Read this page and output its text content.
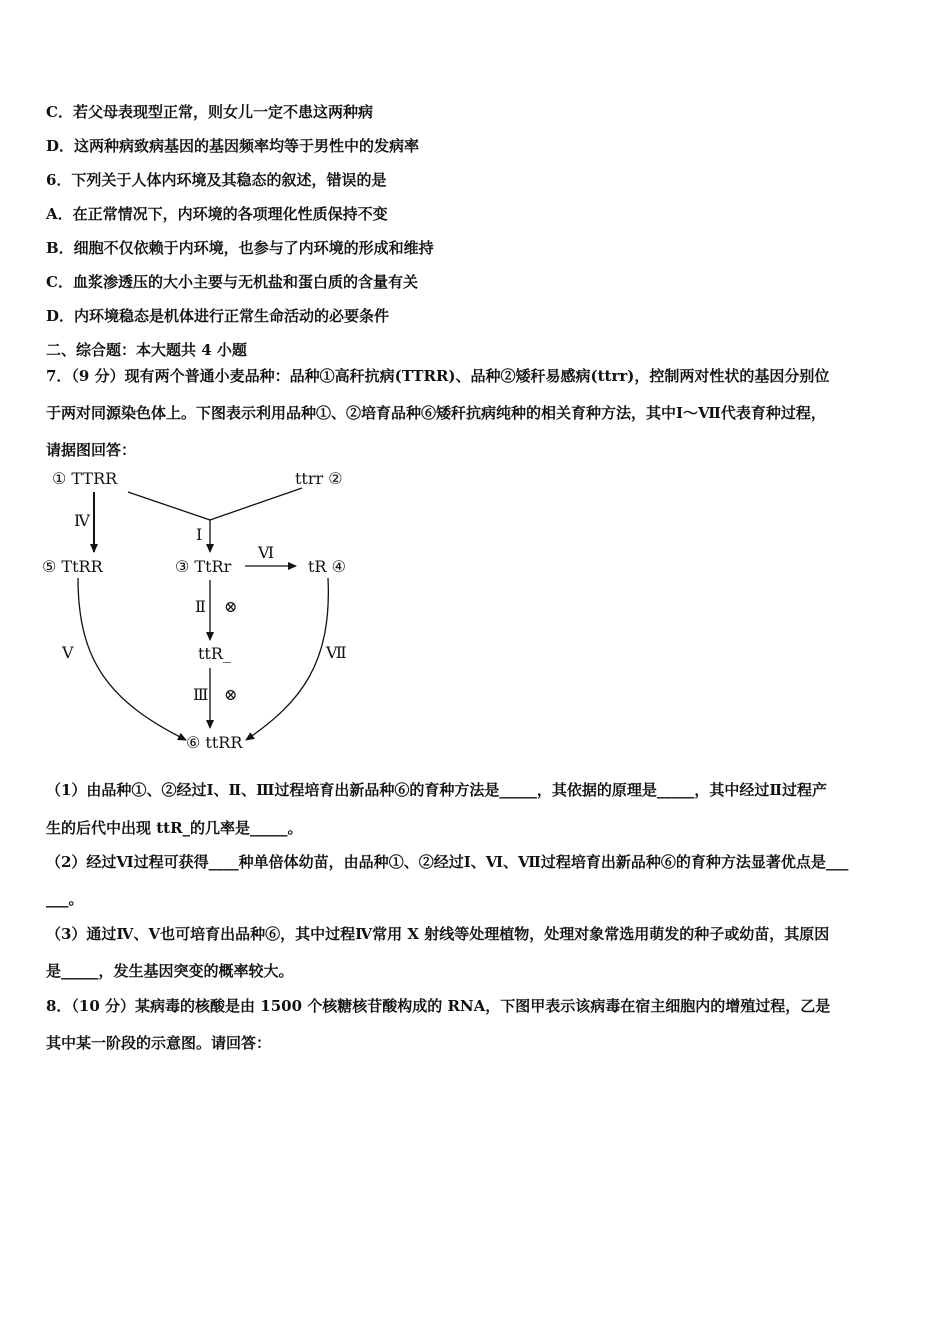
C．若父母表现型正常，则女儿一定不患这两种病
D．这两种病致病基因的基因频率均等于男性中的发病率
6．下列关于人体内环境及其稳态的叙述，错误的是
A．在正常情况下，内环境的各项理化性质保持不变
B．细胞不仅依赖于内环境，也参与了内环境的形成和维持
C．血浆渗透压的大小主要与无机盐和蛋白质的含量有关
D．内环境稳态是机体进行正常生命活动的必要条件
二、综合题：本大题共 4 小题
7．（9 分）现有两个普通小麦品种：品种①高秆抗病(TTRR)、品种②矮秆易感病(ttrr)，控制两对性状的基因分别位
于两对同源染色体上。下图表示利用品种①、②培育品种⑥矮秆抗病纯种的相关育种方法，其中Ⅰ～Ⅶ代表育种过程，
请据图回答：
① TTRR	ttrr ②
⑤ TtRR	③ TtRr	tR ④
ttR_
⑥ ttRR
Ⅰ
Ⅳ
Ⅵ
Ⅱ ⊗
Ⅲ ⊗
Ⅴ	Ⅶ
（1）由品种①、②经过Ⅰ、Ⅱ、Ⅲ过程培育出新品种⑥的育种方法是_____，其依据的原理是_____，其中经过Ⅱ过程产
生的后代中出现 ttR_的几率是_____。
（2）经过Ⅵ过程可获得____种单倍体幼苗，由品种①、②经过Ⅰ、Ⅵ、Ⅶ过程培育出新品种⑥的育种方法显著优点是___
___。
（3）通过Ⅳ、Ⅴ也可培育出品种⑥，其中过程Ⅳ常用 X 射线等处理植物，处理对象常选用萌发的种子或幼苗，其原因
是_____，发生基因突变的概率较大。
8．（10 分）某病毒的核酸是由 1500 个核糖核苷酸构成的 RNA，下图甲表示该病毒在宿主细胞内的增殖过程，乙是
其中某一阶段的示意图。请回答：
